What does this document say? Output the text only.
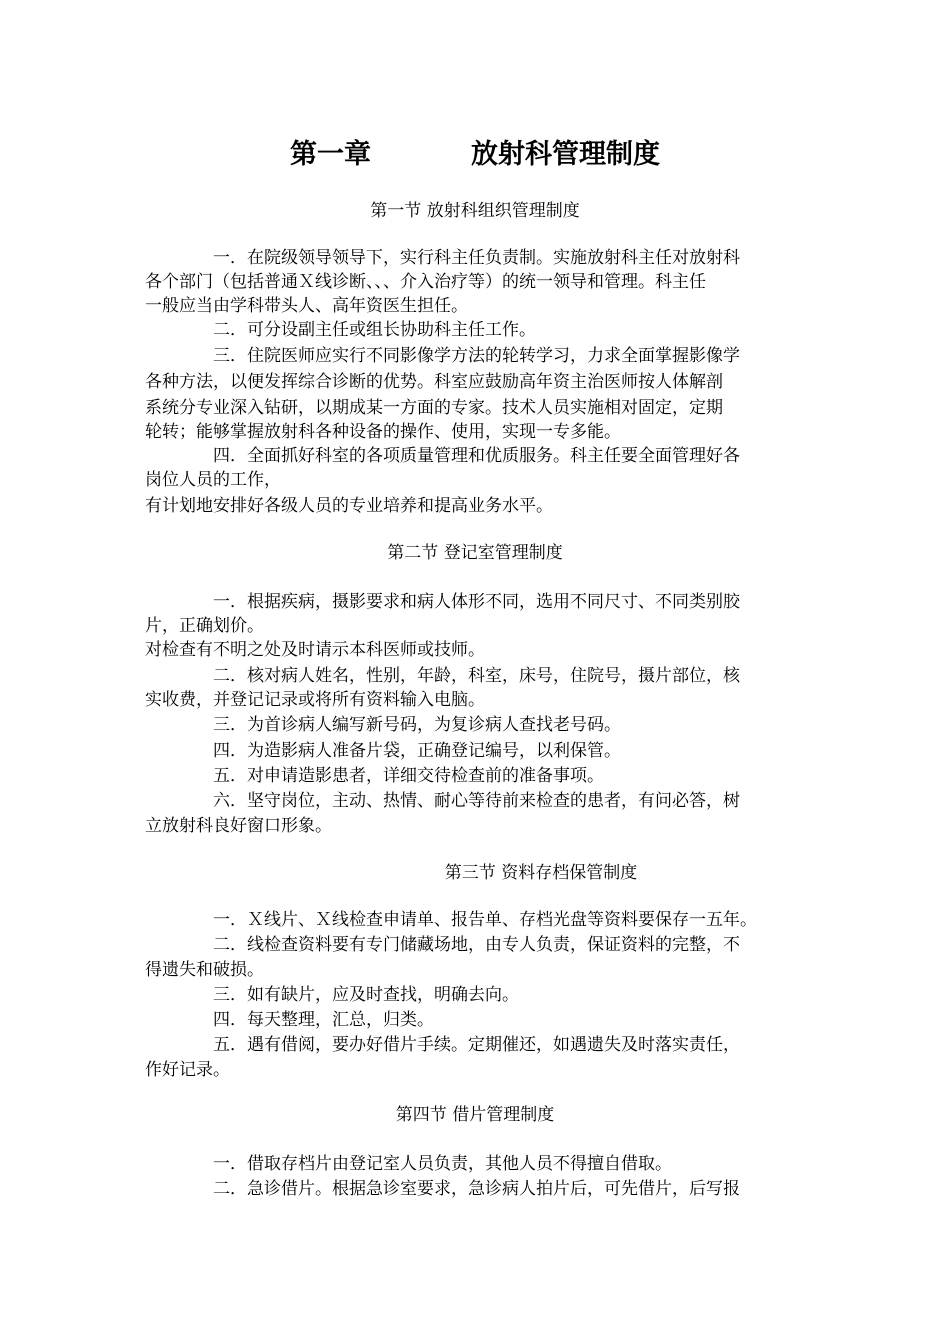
第一章	放射科管理制度
第一节 放射科组织管理制度
一．在院级领导领导下，实行科主任负责制。实施放射科主任对放射科
各个部门（包括普通Ｘ线诊断、、、介入治疗等）的统一领导和管理。科主任
一般应当由学科带头人、高年资医生担任。
二．可分设副主任或组长协助科主任工作。
三．住院医师应实行不同影像学方法的轮转学习，力求全面掌握影像学
各种方法，以便发挥综合诊断的优势。科室应鼓励高年资主治医师按人体解剖
系统分专业深入钻研，以期成某一方面的专家。技术人员实施相对固定，定期
轮转；能够掌握放射科各种设备的操作、使用，实现一专多能。
四．全面抓好科室的各项质量管理和优质服务。科主任要全面管理好各
岗位人员的工作，
有计划地安排好各级人员的专业培养和提高业务水平。
第二节 登记室管理制度
一．根据疾病，摄影要求和病人体形不同，选用不同尺寸、不同类别胶
片，正确划价。
对检查有不明之处及时请示本科医师或技师。
二．核对病人姓名，性别，年龄，科室，床号，住院号，摄片部位，核
实收费，并登记记录或将所有资料输入电脑。
三．为首诊病人编写新号码，为复诊病人查找老号码。
四．为造影病人准备片袋，正确登记编号，以利保管。
五．对申请造影患者，详细交待检查前的准备事项。
六．坚守岗位，主动、热情、耐心等待前来检查的患者，有问必答，树
立放射科良好窗口形象。
第三节 资料存档保管制度
一．Ｘ线片、Ｘ线检查申请单、报告单、存档光盘等资料要保存一五年。
二．线检查资料要有专门储藏场地，由专人负责，保证资料的完整，不
得遗失和破损。
三．如有缺片，应及时查找，明确去向。
四．每天整理，汇总，归类。
五．遇有借阅，要办好借片手续。定期催还，如遇遗失及时落实责任，
作好记录。
第四节 借片管理制度
一．借取存档片由登记室人员负责，其他人员不得擅自借取。
二．急诊借片。根据急诊室要求，急诊病人拍片后，可先借片，后写报
